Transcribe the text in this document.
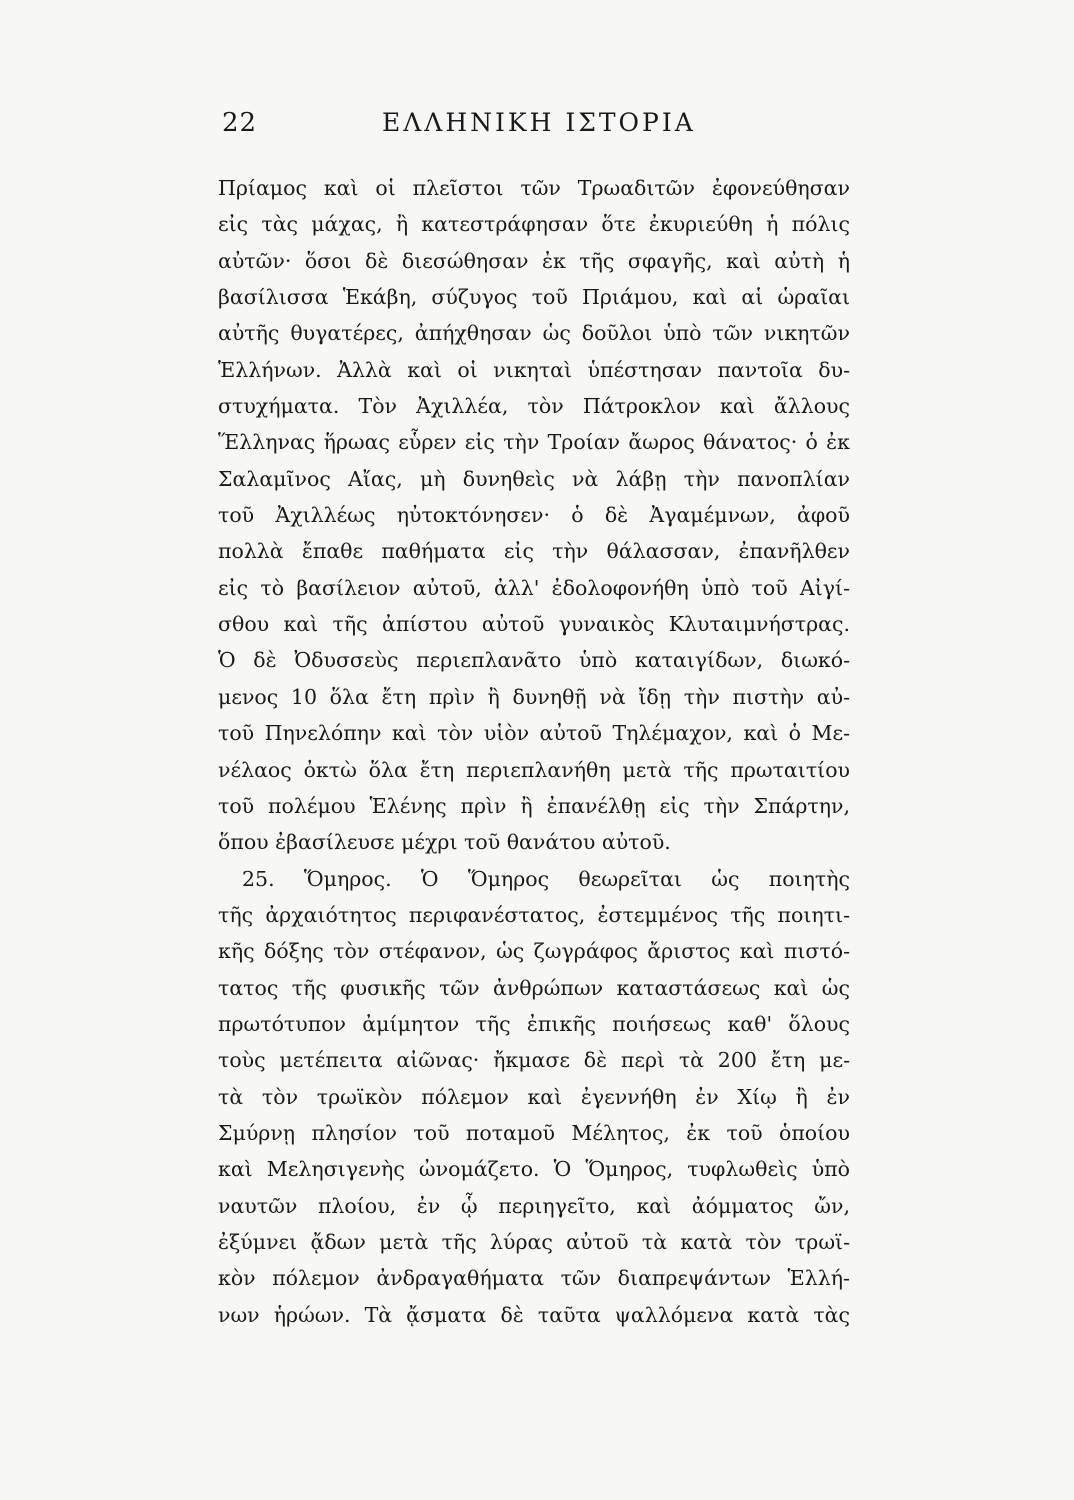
22	ΕΛΛΗΝΙΚΗ ΙΣΤΟΡΙΑ
Πρίαμος καὶ οἱ πλεῖστοι τῶν Τρωαδιτῶν ἐφονεύθησαν
εἰς τὰς μάχας, ἢ κατεστράφησαν ὅτε ἐκυριεύθη ἡ πόλις
αὐτῶν· ὅσοι δὲ διεσώθησαν ἐκ τῆς σφαγῆς, καὶ αὐτὴ ἡ
βασίλισσα Ἑκάβη, σύζυγος τοῦ Πριάμου, καὶ αἱ ὡραῖαι
αὐτῆς θυγατέρες, ἀπήχθησαν ὡς δοῦλοι ὑπὸ τῶν νικητῶν
Ἑλλήνων. Ἀλλὰ καὶ οἱ νικηταὶ ὑπέστησαν παντοῖα δυ-
στυχήματα. Τὸν Ἀχιλλέα, τὸν Πάτροκλον καὶ ἄλλους
Ἕλληνας ἥρωας εὗρεν εἰς τὴν Τροίαν ἄωρος θάνατος· ὁ ἐκ
Σαλαμῖνος Αἴας, μὴ δυνηθεὶς νὰ λάβῃ τὴν πανοπλίαν
τοῦ Ἀχιλλέως ηὐτοκτόνησεν· ὁ δὲ Ἀγαμέμνων, ἀφοῦ
πολλὰ ἔπαθε παθήματα εἰς τὴν θάλασσαν, ἐπανῆλθεν
εἰς τὸ βασίλειον αὐτοῦ, ἀλλ' ἐδολοφονήθη ὑπὸ τοῦ Αἰγί-
σθου καὶ τῆς ἀπίστου αὐτοῦ γυναικὸς Κλυταιμνήστρας.
Ὁ δὲ Ὀδυσσεὺς περιεπλανᾶτο ὑπὸ καταιγίδων, διωκό-
μενος 10 ὅλα ἔτη πρὶν ἢ δυνηθῇ νὰ ἴδῃ τὴν πιστὴν αὐ-
τοῦ Πηνελόπην καὶ τὸν υἱὸν αὐτοῦ Τηλέμαχον, καὶ ὁ Με-
νέλαος ὀκτὼ ὅλα ἔτη περιεπλανήθη μετὰ τῆς πρωταιτίου
τοῦ πολέμου Ἑλένης πρὶν ἢ ἐπανέλθῃ εἰς τὴν Σπάρτην,
ὅπου ἐβασίλευσε μέχρι τοῦ θανάτου αὐτοῦ.
25. Ὅμηρος. Ὁ Ὅμηρος θεωρεῖται ὡς ποιητὴς
τῆς ἀρχαιότητος περιφανέστατος, ἐστεμμένος τῆς ποιητι-
κῆς δόξης τὸν στέφανον, ὡς ζωγράφος ἄριστος καὶ πιστό-
τατος τῆς φυσικῆς τῶν ἀνθρώπων καταστάσεως καὶ ὡς
πρωτότυπον ἀμίμητον τῆς ἐπικῆς ποιήσεως καθ' ὅλους
τοὺς μετέπειτα αἰῶνας· ἤκμασε δὲ περὶ τὰ 200 ἔτη με-
τὰ τὸν τρωϊκὸν πόλεμον καὶ ἐγεννήθη ἐν Χίῳ ἢ ἐν
Σμύρνῃ πλησίον τοῦ ποταμοῦ Μέλητος, ἐκ τοῦ ὁποίου
καὶ Μελησιγενὴς ὠνομάζετο. Ὁ Ὅμηρος, τυφλωθεὶς ὑπὸ
ναυτῶν πλοίου, ἐν ᾧ περιηγεῖτο, καὶ ἀόμματος ὤν,
ἐξύμνει ᾄδων μετὰ τῆς λύρας αὐτοῦ τὰ κατὰ τὸν τρωϊ-
κὸν πόλεμον ἀνδραγαθήματα τῶν διαπρεψάντων Ἑλλή-
νων ἡρώων. Τὰ ᾄσματα δὲ ταῦτα ψαλλόμενα κατὰ τὰς
